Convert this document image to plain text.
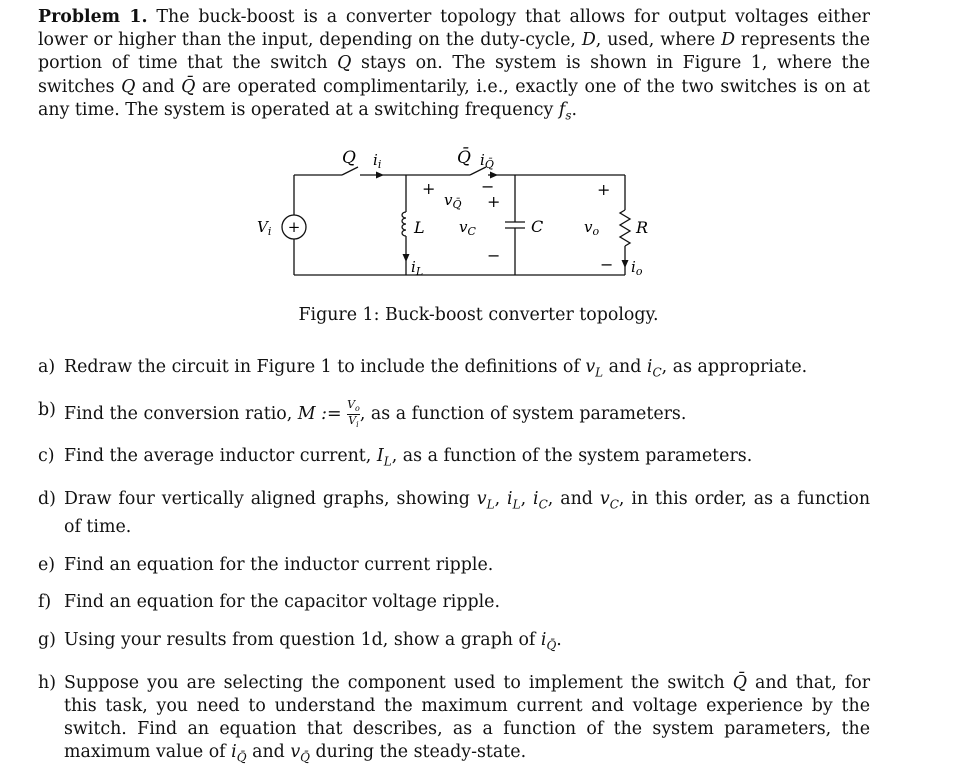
Problem 1. The buck-boost is a converter topology that allows for output voltages either lower or higher than the input, depending on the duty-cycle, D, used, where D represents the portion of time that the switch Q stays on. The system is shown in Figure 1, where the switches Q and Q̄ are operated complimentarily, i.e., exactly one of the two switches is on at any time. The system is operated at a switching frequency $f_s$.

+
Q $i_i$	Q̄ $i_{Q̄}$
+
$v_{Q̄}$
−
+
$V_i$	L
$i_L$
$v_C$	C
−
+
$v_o$
−
R
$i_o$
Figure 1: Buck-boost converter topology.
a) Redraw the circuit in Figure 1 to include the definitions of $v_L$ and $i_C$, as appropriate.
b) Find the conversion ratio, M := $\frac{V_o}{V_i}$ , as a function of system parameters.
c) Find the average inductor current, $I_L$, as a function of the system parameters.
d) Draw four vertically aligned graphs, showing $v_L$, $i_L$, $i_C$, and $v_C$, in this order, as a function of time.
e) Find an equation for the inductor current ripple.
f) Find an equation for the capacitor voltage ripple.
g) Using your results from question 1d, show a graph of $i_{Q̄}$.
h) Suppose you are selecting the component used to implement the switch Q̄ and that, for this task, you need to understand the maximum current and voltage experience by the switch. Find an equation that describes, as a function of the system parameters, the maximum value of $i_{Q̄}$ and $v_{Q̄}$ during the steady-state.
